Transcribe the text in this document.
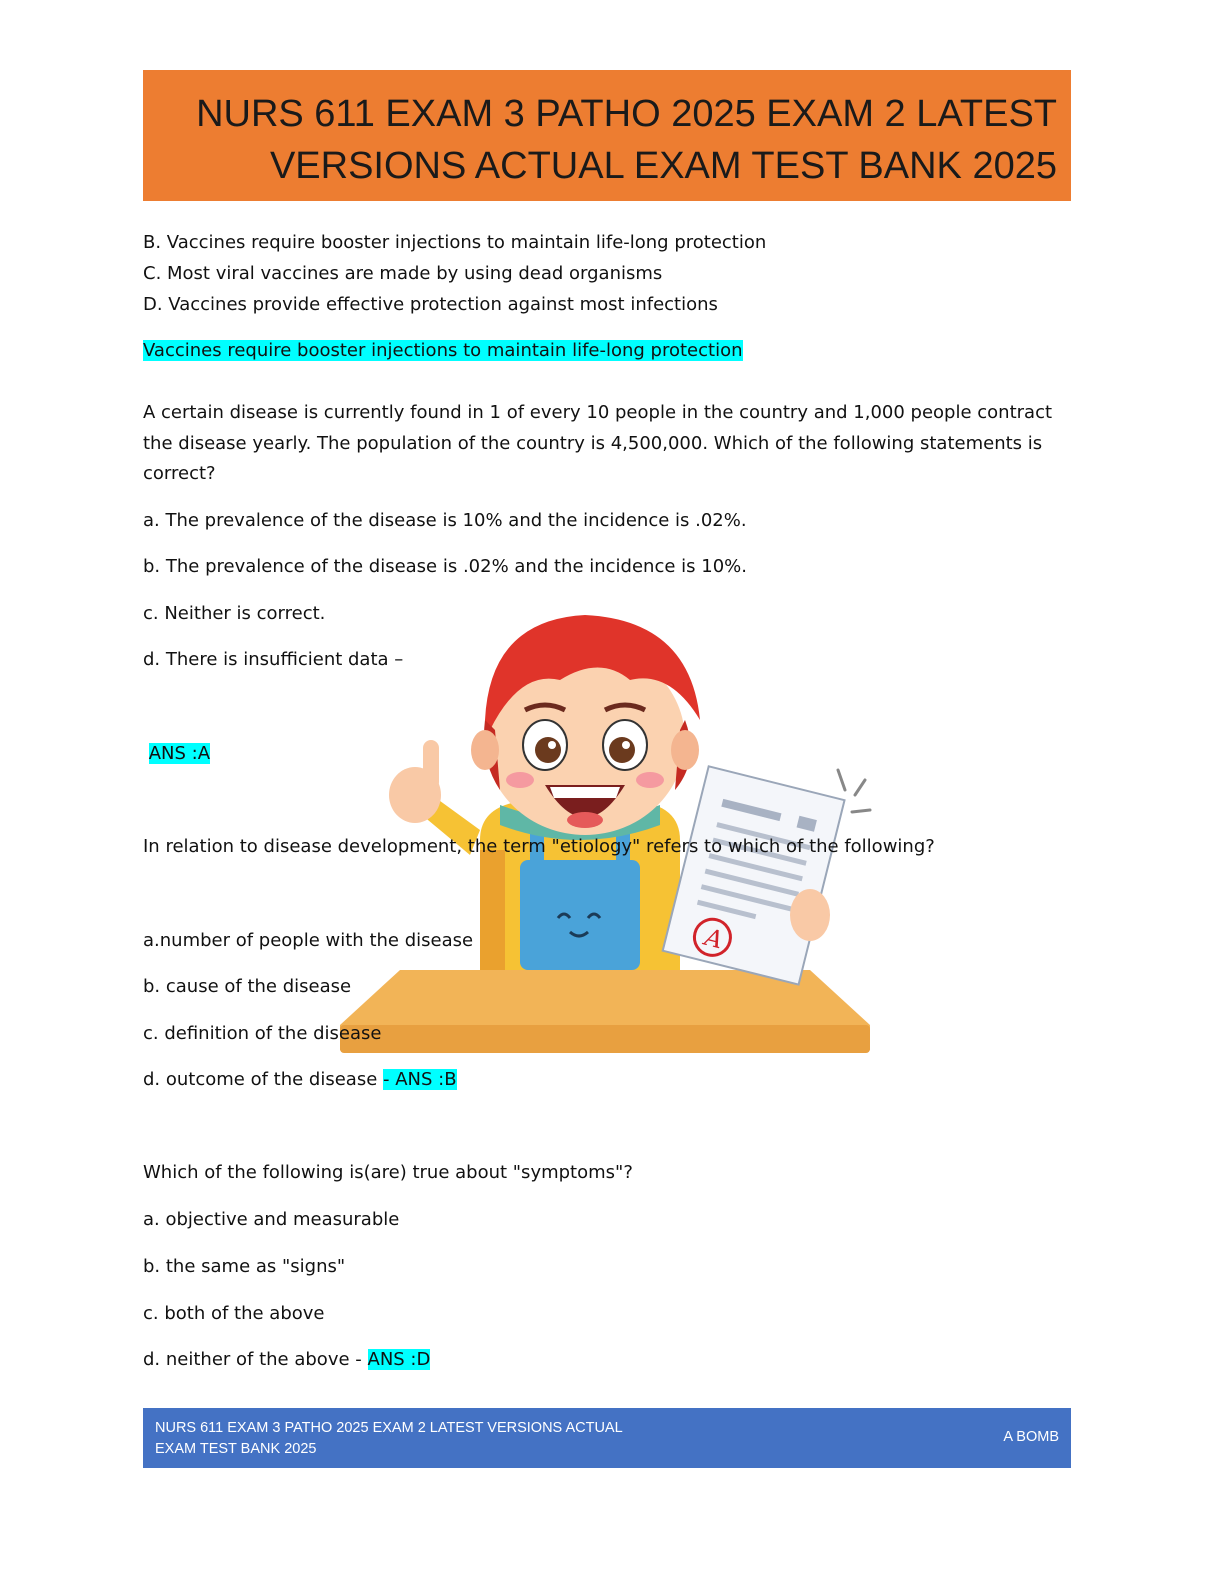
NURS 611 EXAM 3 PATHO 2025 EXAM 2 LATEST VERSIONS ACTUAL EXAM TEST BANK 2025
A
B. Vaccines require booster injections to maintain life-long protection
C. Most viral vaccines are made by using dead organisms
D. Vaccines provide effective protection against most infections
Vaccines require booster injections to maintain life-long protection
A certain disease is currently found in 1 of every 10 people in the country and 1,000 people contract the disease yearly. The population of the country is 4,500,000. Which of the following statements is correct?
a. The prevalence of the disease is 10% and the incidence is .02%.
b. The prevalence of the disease is .02% and the incidence is 10%.
c. Neither is correct.
d. There is insufficient data –
ANS :A
In relation to disease development, the term "etiology" refers to which of the following?
a.number of people with the disease
b. cause of the disease
c. definition of the disease
d. outcome of the disease - ANS :B
Which of the following is(are) true about "symptoms"?
a. objective and measurable
b. the same as "signs"
c. both of the above
d. neither of the above - ANS :D
NURS 611 EXAM 3 PATHO 2025 EXAM 2 LATEST VERSIONS ACTUAL EXAM TEST BANK 2025
A BOMB
